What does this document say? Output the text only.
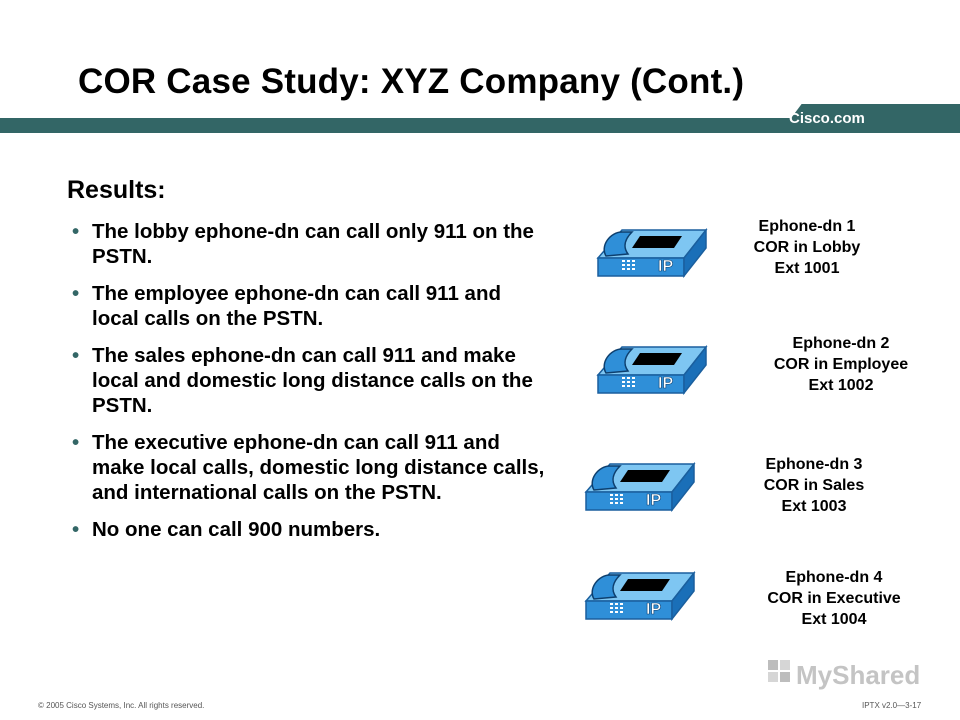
COR Case Study: XYZ Company (Cont.)
Cisco.com
Results:
• The lobby ephone-dn can call only 911 on the PSTN.
• The employee ephone-dn can call 911 and local calls on the PSTN.
• The sales ephone-dn can call 911 and make local and domestic long distance calls on the PSTN.
• The executive ephone-dn can call 911 and make local calls, domestic long distance calls, and international calls on the PSTN.
• No one can call 900 numbers.
IP
Ephone-dn 1
COR in Lobby
Ext 1001
IP
Ephone-dn 2
COR in Employee
Ext 1002
IP
Ephone-dn 3
COR in Sales
Ext 1003
IP
Ephone-dn 4
COR in Executive
Ext 1004
MyShared
© 2005 Cisco Systems, Inc. All rights reserved.	IPTX v2.0—3-17
